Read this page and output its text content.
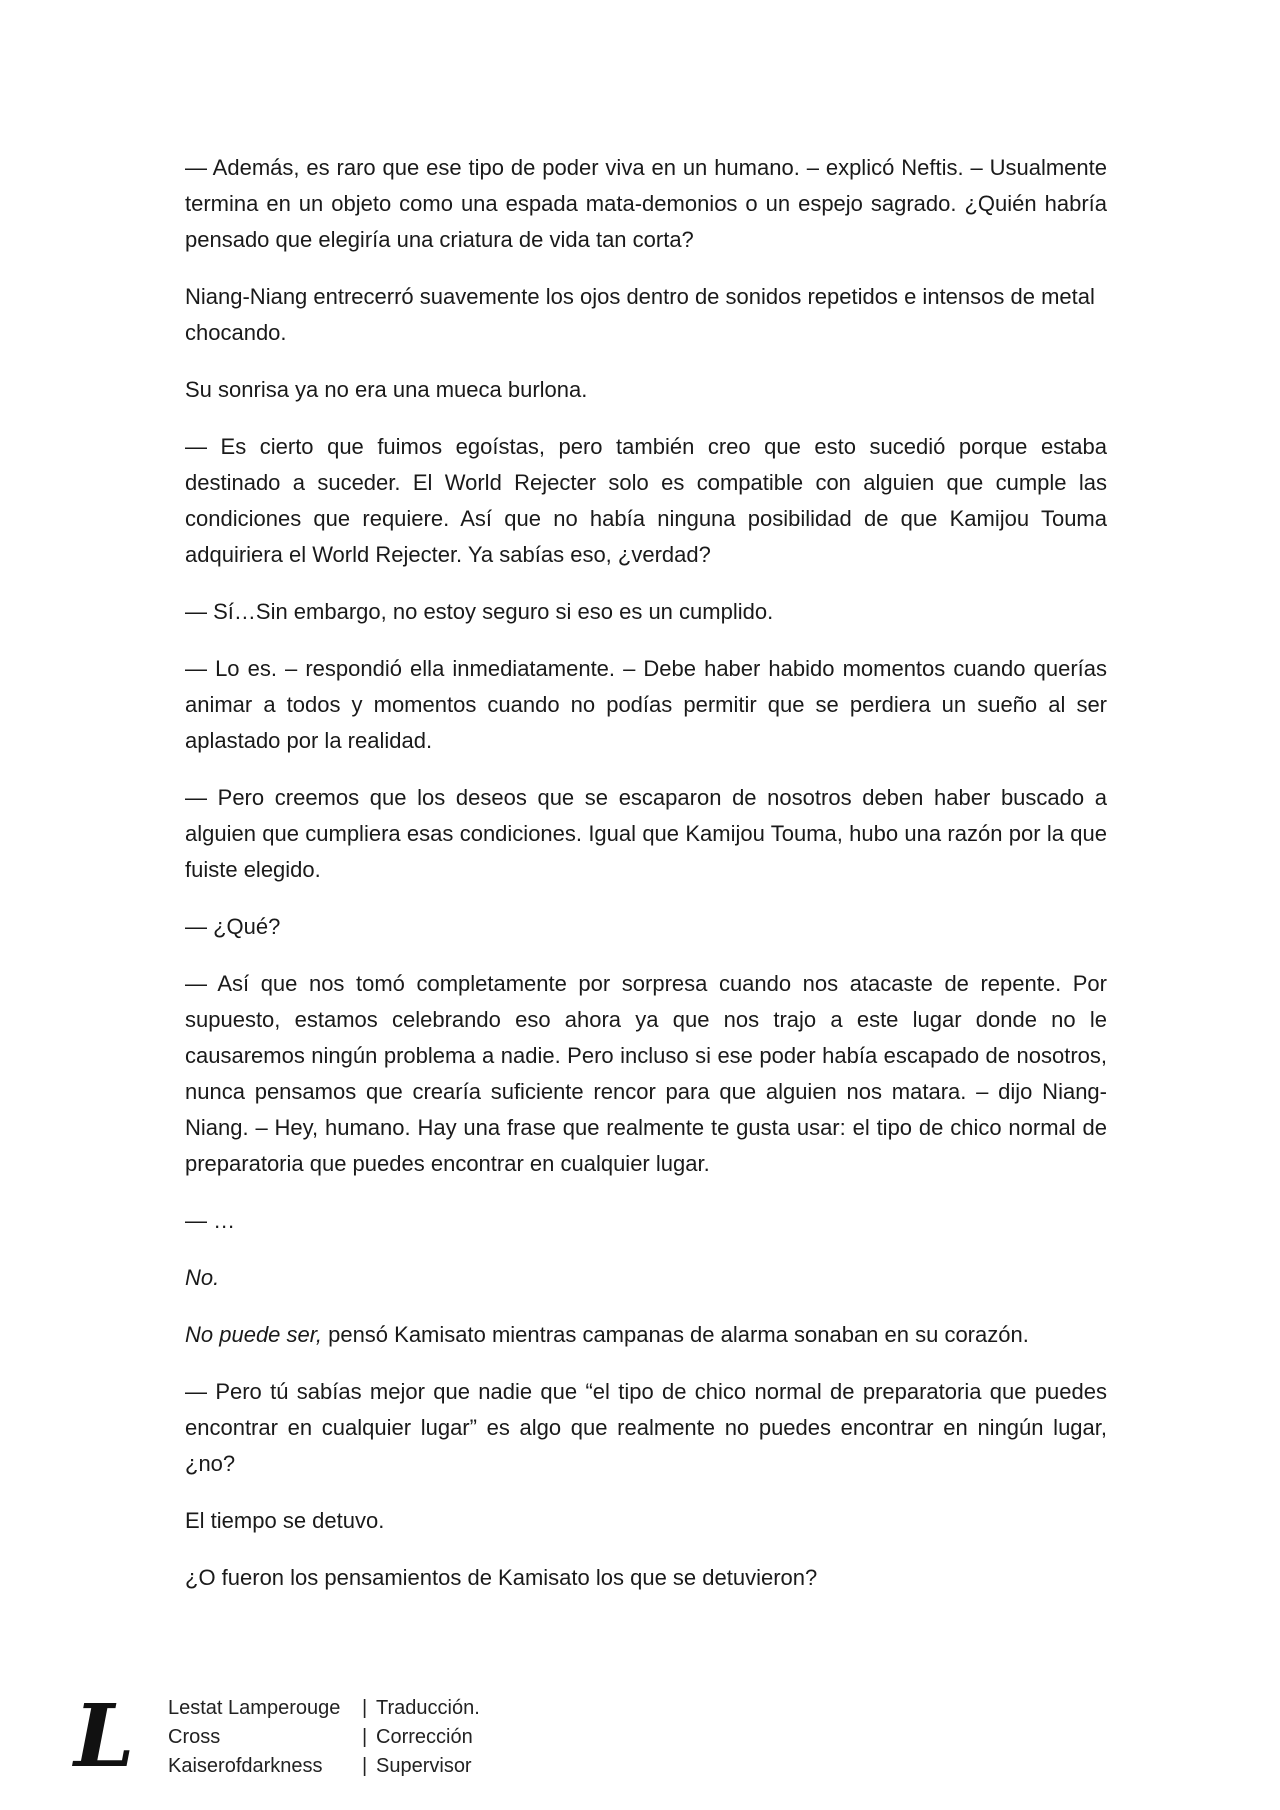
— Además, es raro que ese tipo de poder viva en un humano. – explicó Neftis. – Usualmente termina en un objeto como una espada mata-demonios o un espejo sagrado. ¿Quién habría pensado que elegiría una criatura de vida tan corta?

Niang-Niang entrecerró suavemente los ojos dentro de sonidos repetidos e intensos de metal chocando.

Su sonrisa ya no era una mueca burlona.

— Es cierto que fuimos egoístas, pero también creo que esto sucedió porque estaba destinado a suceder. El World Rejecter solo es compatible con alguien que cumple las condiciones que requiere. Así que no había ninguna posibilidad de que Kamijou Touma adquiriera el World Rejecter. Ya sabías eso, ¿verdad?

— Sí…Sin embargo, no estoy seguro si eso es un cumplido.

— Lo es. – respondió ella inmediatamente. – Debe haber habido momentos cuando querías animar a todos y momentos cuando no podías permitir que se perdiera un sueño al ser aplastado por la realidad.

— Pero creemos que los deseos que se escaparon de nosotros deben haber buscado a alguien que cumpliera esas condiciones. Igual que Kamijou Touma, hubo una razón por la que fuiste elegido.

— ¿Qué?

— Así que nos tomó completamente por sorpresa cuando nos atacaste de repente. Por supuesto, estamos celebrando eso ahora ya que nos trajo a este lugar donde no le causaremos ningún problema a nadie. Pero incluso si ese poder había escapado de nosotros, nunca pensamos que crearía suficiente rencor para que alguien nos matara. – dijo Niang-Niang. – Hey, humano. Hay una frase que realmente te gusta usar: el tipo de chico normal de preparatoria que puedes encontrar en cualquier lugar.

— …

No.

No puede ser, pensó Kamisato mientras campanas de alarma sonaban en su corazón.

— Pero tú sabías mejor que nadie que “el tipo de chico normal de preparatoria que puedes encontrar en cualquier lugar” es algo que realmente no puedes encontrar en ningún lugar, ¿no?

El tiempo se detuvo.

¿O fueron los pensamientos de Kamisato los que se detuvieron?

L Lestat Lamperouge	| Traducción.
Cross	| Corrección
Kaiserofdarkness	| Supervisor
